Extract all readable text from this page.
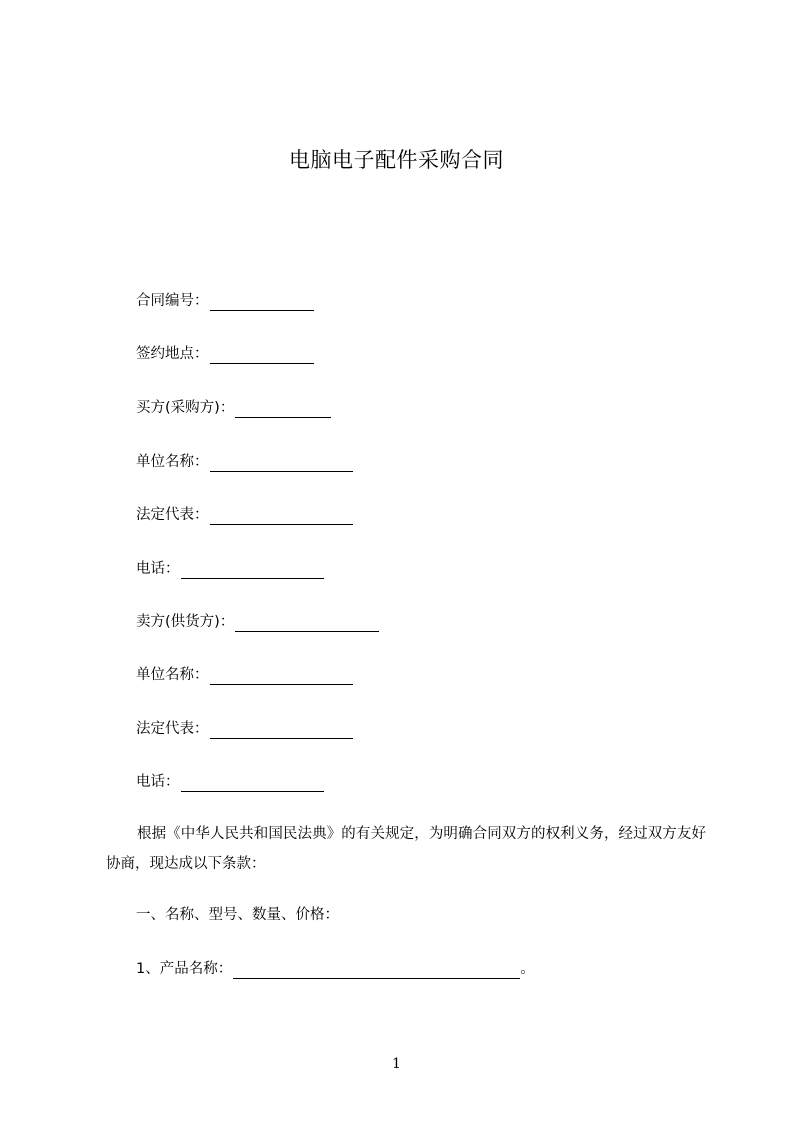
电脑电子配件采购合同
合同编号：
签约地点：
买方(采购方)：
单位名称：
法定代表：
电话：
卖方(供货方)：
单位名称：
法定代表：
电话：
根据《中华人民共和国民法典》的有关规定，为明确合同双方的权利义务，经过双方友好协商，现达成以下条款：
一、名称、型号、数量、价格：
1、产品名称：	。
1
